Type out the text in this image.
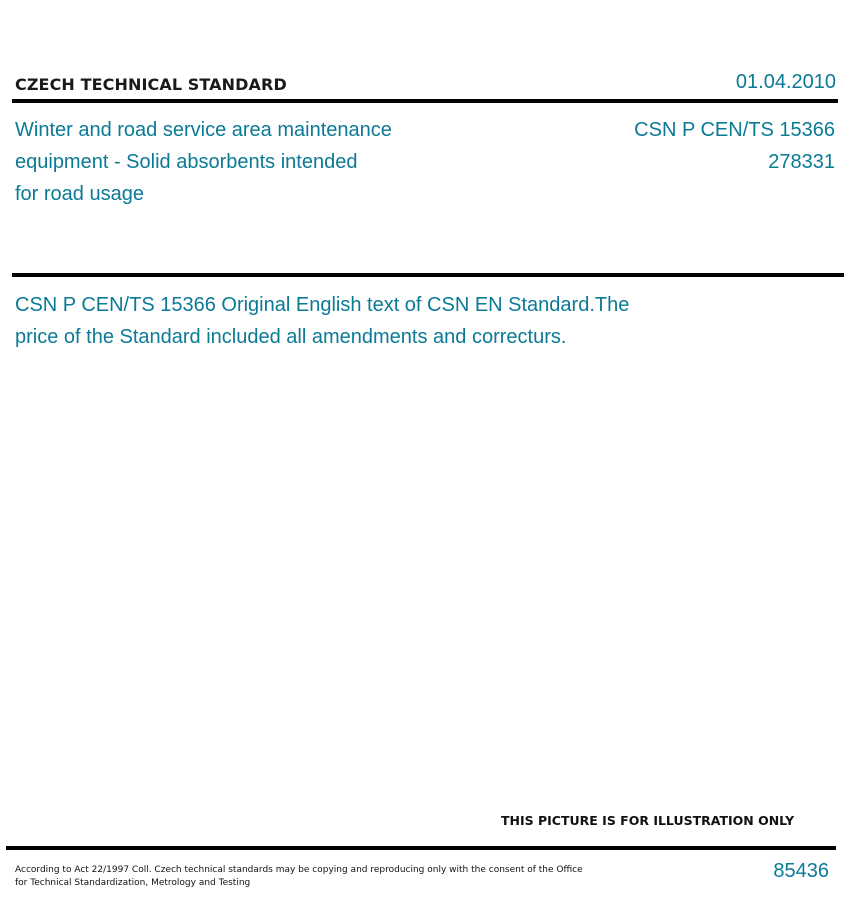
CZECH TECHNICAL STANDARD	01.04.2010
Winter and road service area maintenance
equipment - Solid absorbents intended
for road usage
CSN P CEN/TS 15366
278331
CSN P CEN/TS 15366 Original English text of CSN EN Standard.The
price of the Standard included all amendments and correcturs.
THIS PICTURE IS FOR ILLUSTRATION ONLY
According to Act 22/1997 Coll. Czech technical standards may be copying and reproducing only with the consent of the Office
for Technical Standardization, Metrology and Testing
85436
